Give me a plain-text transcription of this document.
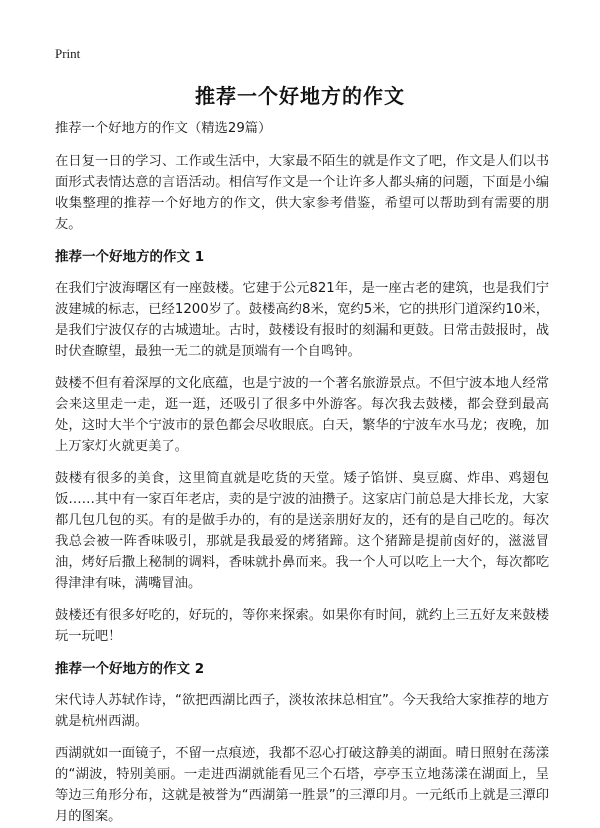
Print
推荐一个好地方的作文

推荐一个好地方的作文（精选29篇）

在日复一日的学习、工作或生活中，大家最不陌生的就是作文了吧，作文是人们以书面形式表情达意的言语活动。相信写作文是一个让许多人都头痛的问题，下面是小编收集整理的推荐一个好地方的作文，供大家参考借鉴，希望可以帮助到有需要的朋友。

推荐一个好地方的作文 1

在我们宁波海曙区有一座鼓楼。它建于公元821年，是一座古老的建筑，也是我们宁波建城的标志，已经1200岁了。鼓楼高约8米，宽约5米，它的拱形门道深约10米，是我们宁波仅存的古城遗址。古时，鼓楼设有报时的刻漏和更鼓。日常击鼓报时，战时伏查瞭望，最独一无二的就是顶端有一个自鸣钟。

鼓楼不但有着深厚的文化底蕴，也是宁波的一个著名旅游景点。不但宁波本地人经常会来这里走一走，逛一逛，还吸引了很多中外游客。每次我去鼓楼，都会登到最高处，这时大半个宁波市的景色都会尽收眼底。白天，繁华的宁波车水马龙；夜晚，加上万家灯火就更美了。

鼓楼有很多的美食，这里简直就是吃货的天堂。矮子馅饼、臭豆腐、炸串、鸡翅包饭……其中有一家百年老店，卖的是宁波的油攒子。这家店门前总是大排长龙，大家都几包几包的买。有的是做手办的，有的是送亲朋好友的，还有的是自己吃的。每次我总会被一阵香味吸引，那就是我最爱的烤猪蹄。这个猪蹄是提前卤好的，滋滋冒油，烤好后撒上秘制的调料，香味就扑鼻而来。我一个人可以吃上一大个，每次都吃得津津有味，满嘴冒油。

鼓楼还有很多好吃的，好玩的，等你来探索。如果你有时间，就约上三五好友来鼓楼玩一玩吧！

推荐一个好地方的作文 2

宋代诗人苏轼作诗，“欲把西湖比西子，淡妆浓抹总相宜”。今天我给大家推荐的地方就是杭州西湖。

西湖就如一面镜子，不留一点痕迹，我都不忍心打破这静美的湖面。晴日照射在荡漾的“湖波，特别美丽。一走进西湖就能看见三个石塔，亭亭玉立地荡漾在湖面上，呈等边三角形分布，这就是被誉为“西湖第一胜景”的三潭印月。一元纸币上就是三潭印月的图案。
